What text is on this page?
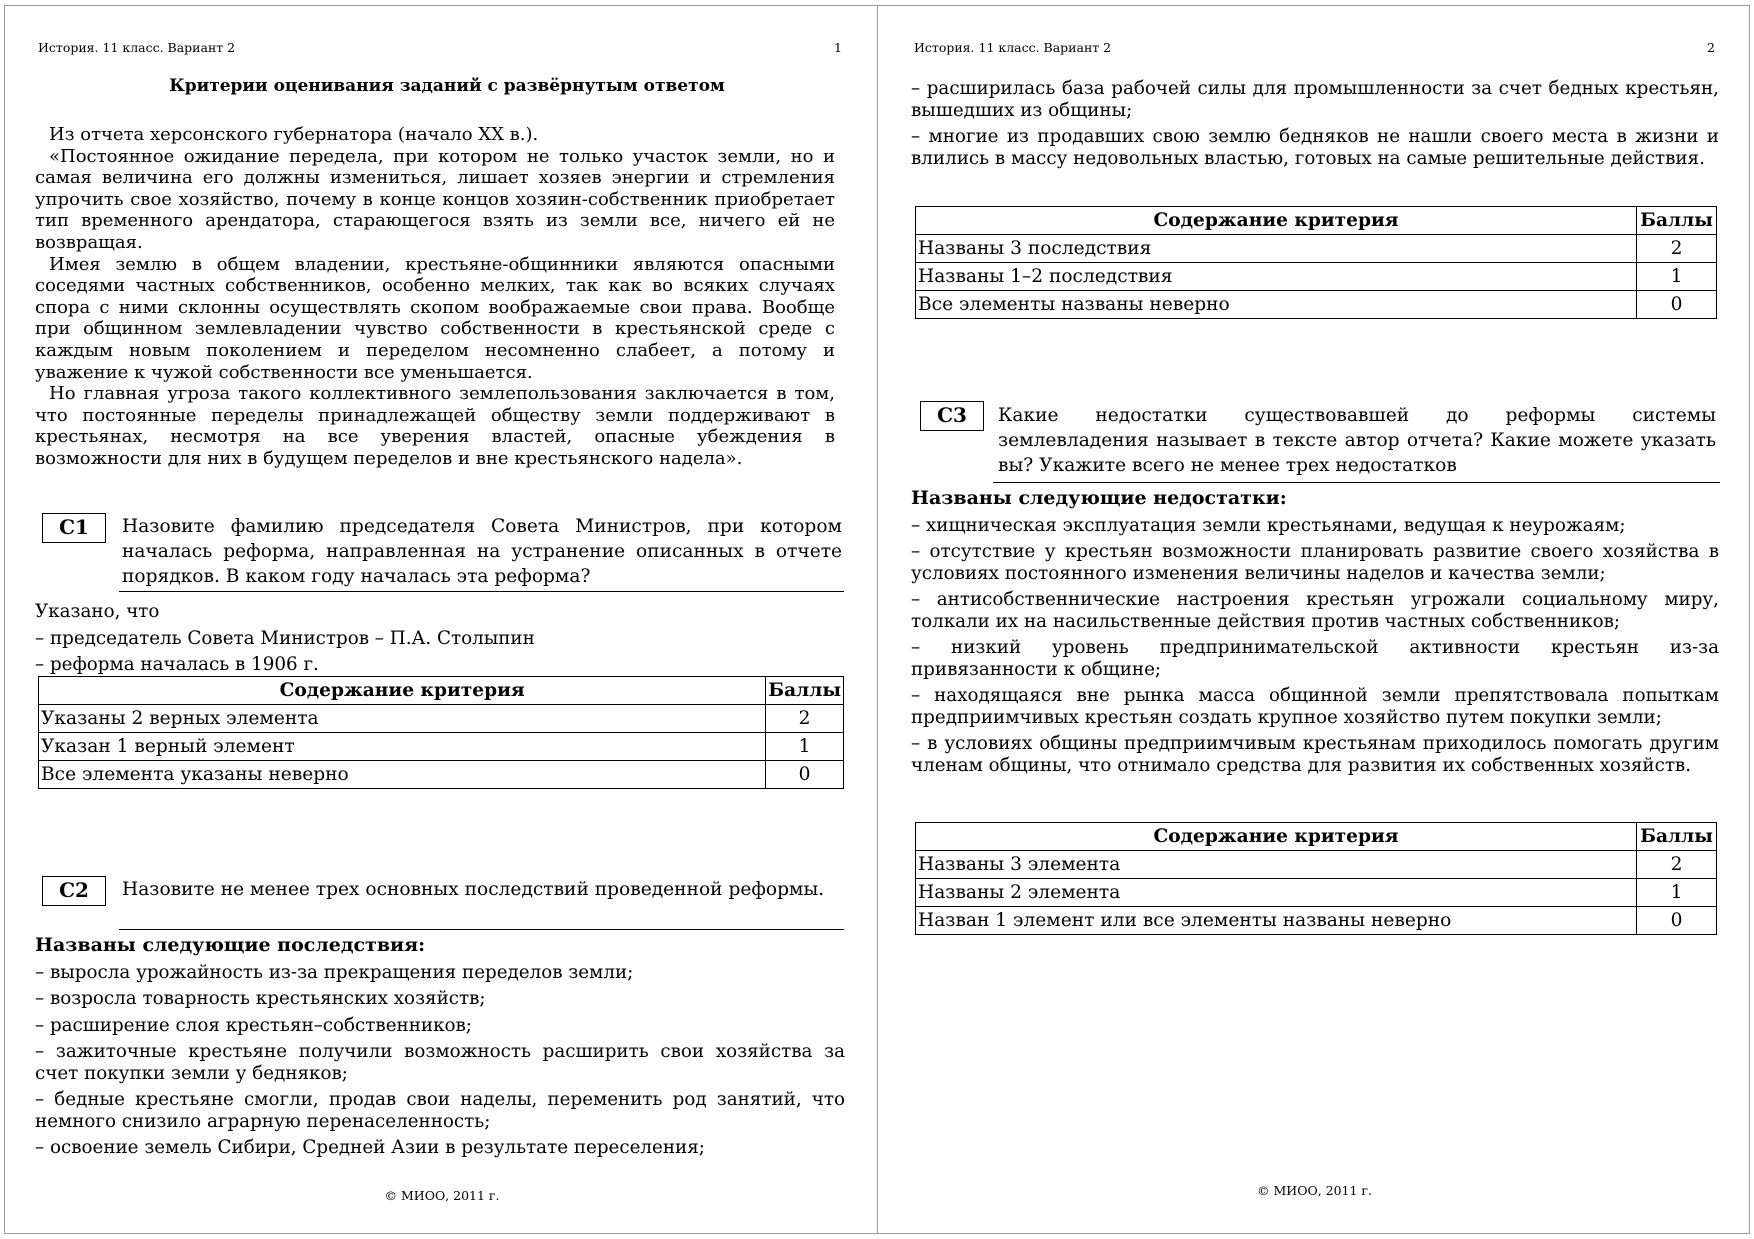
История. 11 класс. Вариант 2	1
Критерии оценивания заданий с развёрнутым ответом

Из отчета херсонского губернатора (начало XX в.).

«Постоянное ожидание передела, при котором не только участок земли, но и самая величина его должны измениться, лишает хозяев энергии и стремления упрочить свое хозяйство, почему в конце концов хозяин-собственник приобретает тип временного арендатора, старающегося взять из земли все, ничего ей не возвращая.

Имея землю в общем владении, крестьяне-общинники являются опасными соседями частных собственников, особенно мелких, так как во всяких случаях спора с ними склонны осуществлять скопом воображаемые свои права. Вообще при общинном землевладении чувство собственности в крестьянской среде с каждым новым поколением и переделом несомненно слабеет, а потому и уважение к чужой собственности все уменьшается.

Но главная угроза такого коллективного землепользования заключается в том, что постоянные переделы принадлежащей обществу земли поддерживают в крестьянах, несмотря на все уверения властей, опасные убеждения в возможности для них в будущем переделов и вне крестьянского надела».

С1	Назовите фамилию председателя Совета Министров, при котором началась реформа, направленная на устранение описанных в отчете порядков. В каком году началась эта реформа?
Указано, что
– председатель Совета Министров – П.А. Столыпин
– реформа началась в 1906 г.
Содержание критерия	Баллы
Указаны 2 верных элемента	2
Указан 1 верный элемент	1
Все элемента указаны неверно	0
С2	Назовите не менее трех основных последствий проведенной реформы.

Названы следующие последствия:

– выросла урожайность из-за прекращения переделов земли;

– возросла товарность крестьянских хозяйств;

– расширение слоя крестьян–собственников;

– зажиточные крестьяне получили возможность расширить свои хозяйства за счет покупки земли у бедняков;

– бедные крестьяне смогли, продав свои наделы, переменить род занятий, что немного снизило аграрную перенаселенность;

– освоение земель Сибири, Средней Азии в результате переселения;

© МИОО, 2011 г.
История. 11 класс. Вариант 2	2

– расширилась база рабочей силы для промышленности за счет бедных крестьян, вышедших из общины;

– многие из продавших свою землю бедняков не нашли своего места в жизни и влились в массу недовольных властью, готовых на самые решительные действия.

Содержание критерия	Баллы
Названы 3 последствия	2
Названы 1–2 последствия	1
Все элементы названы неверно	0
С3	Какие недостатки существовавшей до реформы системы землевладения называет в тексте автор отчета? Какие можете указать вы? Укажите всего не менее трех недостатков

Названы следующие недостатки:

– хищническая эксплуатация земли крестьянами, ведущая к неурожаям;

– отсутствие у крестьян возможности планировать развитие своего хозяйства в условиях постоянного изменения величины наделов и качества земли;

– антисобственнические настроения крестьян угрожали социальному миру, толкали их на насильственные действия против частных собственников;

– низкий уровень предпринимательской активности крестьян из-за привязанности к общине;

– находящаяся вне рынка масса общинной земли препятствовала попыткам предприимчивых крестьян создать крупное хозяйство путем покупки земли;

– в условиях общины предприимчивым крестьянам приходилось помогать другим членам общины, что отнимало средства для развития их собственных хозяйств.

Содержание критерия	Баллы
Названы 3 элемента	2
Названы 2 элемента	1
Назван 1 элемент или все элементы названы неверно	0
© МИОО, 2011 г.
